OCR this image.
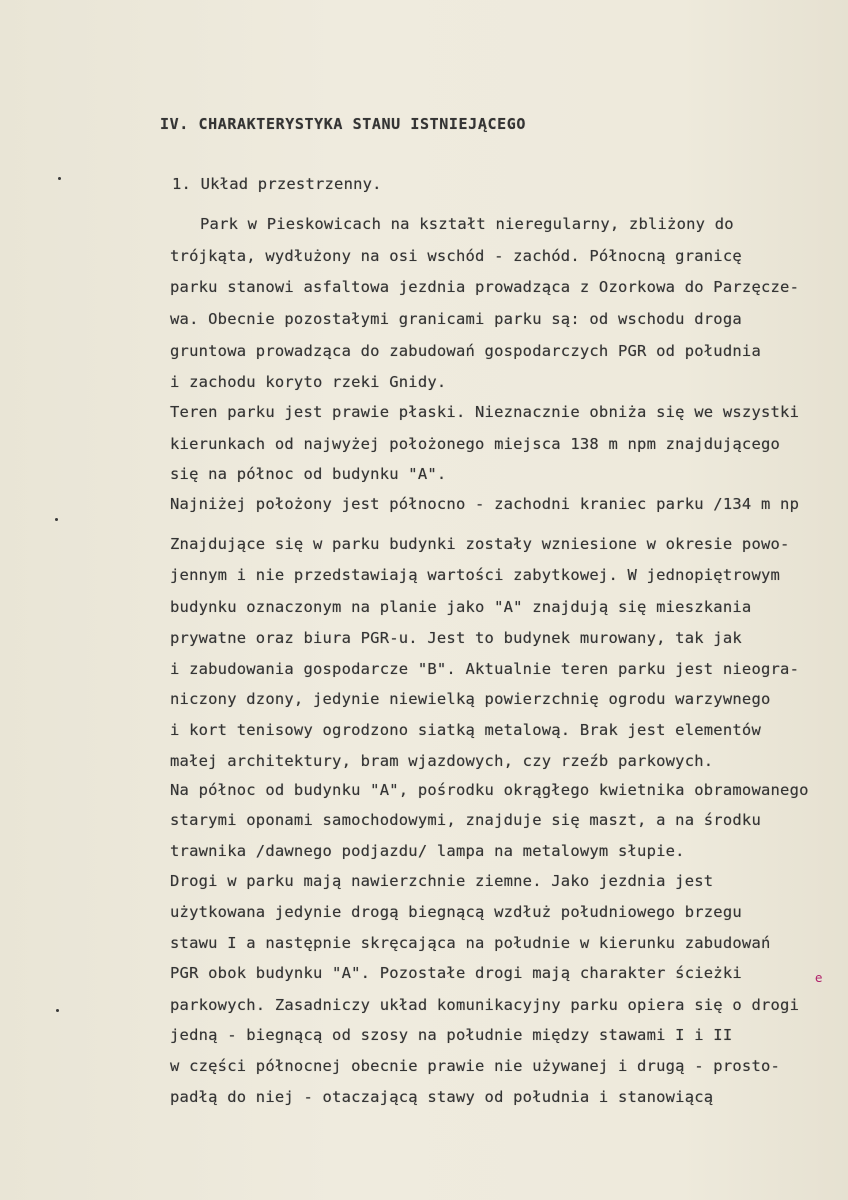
IV. CHARAKTERYSTYKA STANU ISTNIEJĄCEGO
1. Układ przestrzenny.
Park w Pieskowicach na kształt nieregularny, zbliżony do
trójkąta, wydłużony na osi wschód - zachód. Północną granicę
parku stanowi asfaltowa jezdnia prowadząca z Ozorkowa do Parzęcze-
wa. Obecnie pozostałymi granicami parku są: od wschodu droga
gruntowa prowadząca do zabudowań gospodarczych PGR od południa
i zachodu koryto rzeki Gnidy.
Teren parku jest prawie płaski. Nieznacznie obniża się we wszystki
kierunkach od najwyżej położonego miejsca 138 m npm znajdującego
się na północ od budynku "A".
Najniżej położony jest północno - zachodni kraniec parku /134 m np
Znajdujące się w parku budynki zostały wzniesione w okresie powo-
jennym i nie przedstawiają wartości zabytkowej. W jednopiętrowym
budynku oznaczonym na planie jako "A" znajdują się mieszkania
prywatne oraz biura PGR-u. Jest to budynek murowany, tak jak
i zabudowania gospodarcze "B". Aktualnie teren parku jest nieogra-
niczony dzony, jedynie niewielką powierzchnię ogrodu warzywnego
i kort tenisowy ogrodzono siatką metalową. Brak jest elementów
małej architektury, bram wjazdowych, czy rzeźb parkowych.
Na północ od budynku "A", pośrodku okrągłego kwietnika obramowanego
starymi oponami samochodowymi, znajduje się maszt, a na środku
trawnika /dawnego podjazdu/ lampa na metalowym słupie.
Drogi w parku mają nawierzchnie ziemne. Jako jezdnia jest
użytkowana jedynie drogą biegnącą wzdłuż południowego brzegu
stawu I a następnie skręcająca na południe w kierunku zabudowań
PGR obok budynku "A". Pozostałe drogi mają charakter ścieżki
parkowych. Zasadniczy układ komunikacyjny parku opiera się o drogi
jedną - biegnącą od szosy na południe między stawami I i II
w części północnej obecnie prawie nie używanej i drugą - prosto-
padłą do niej - otaczającą stawy od południa i stanowiącą
e
